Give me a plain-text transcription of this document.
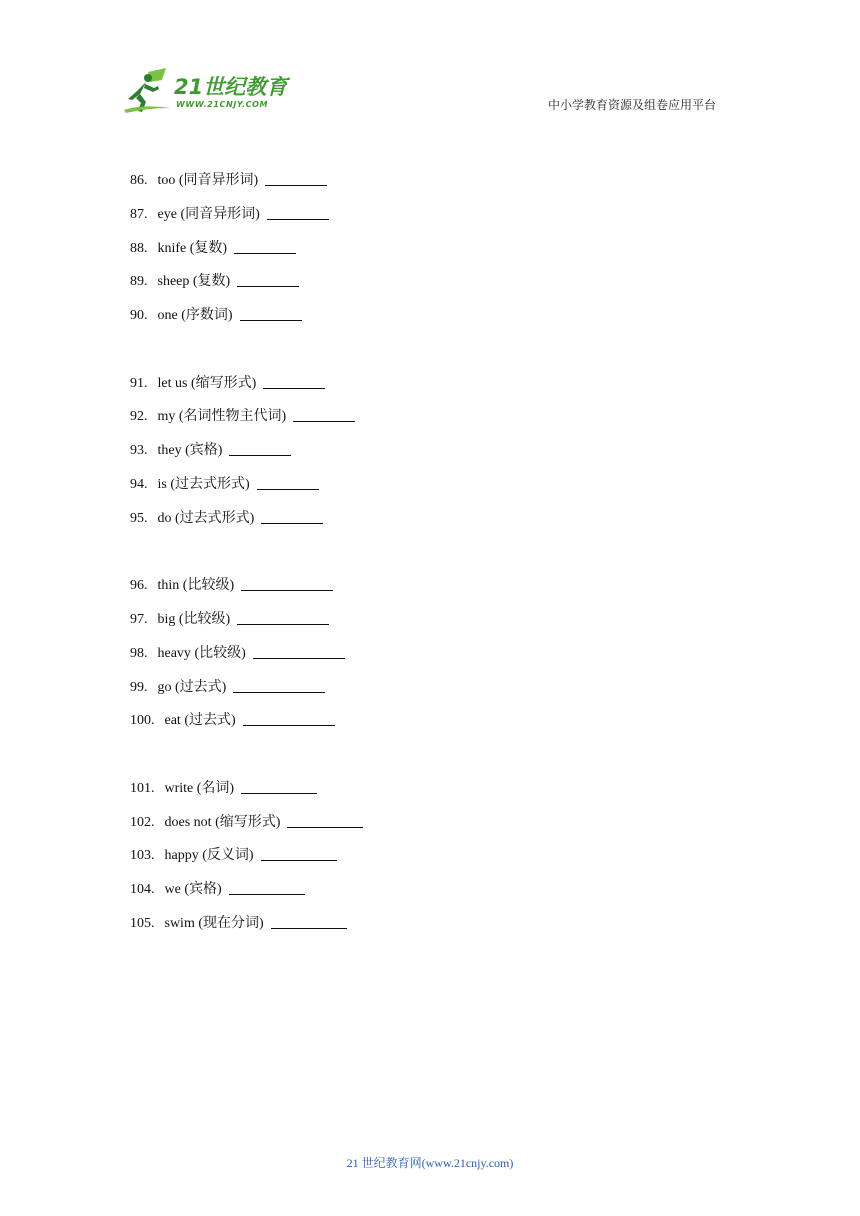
21世纪教育
WWW.21CNJY.COM	中小学教育资源及组卷应用平台
86. too (同音异形词)
87. eye (同音异形词)
88. knife (复数)
89. sheep (复数)
90. one (序数词)
91. let us (缩写形式)
92. my (名词性物主代词)
93. they (宾格)
94. is (过去式形式)
95. do (过去式形式)
96. thin (比较级)
97. big (比较级)
98. heavy (比较级)
99. go (过去式)
100. eat (过去式)
101. write (名词)
102. does not (缩写形式)
103. happy (反义词)
104. we (宾格)
105. swim (现在分词)
21 世纪教育网(www.21cnjy.com)
